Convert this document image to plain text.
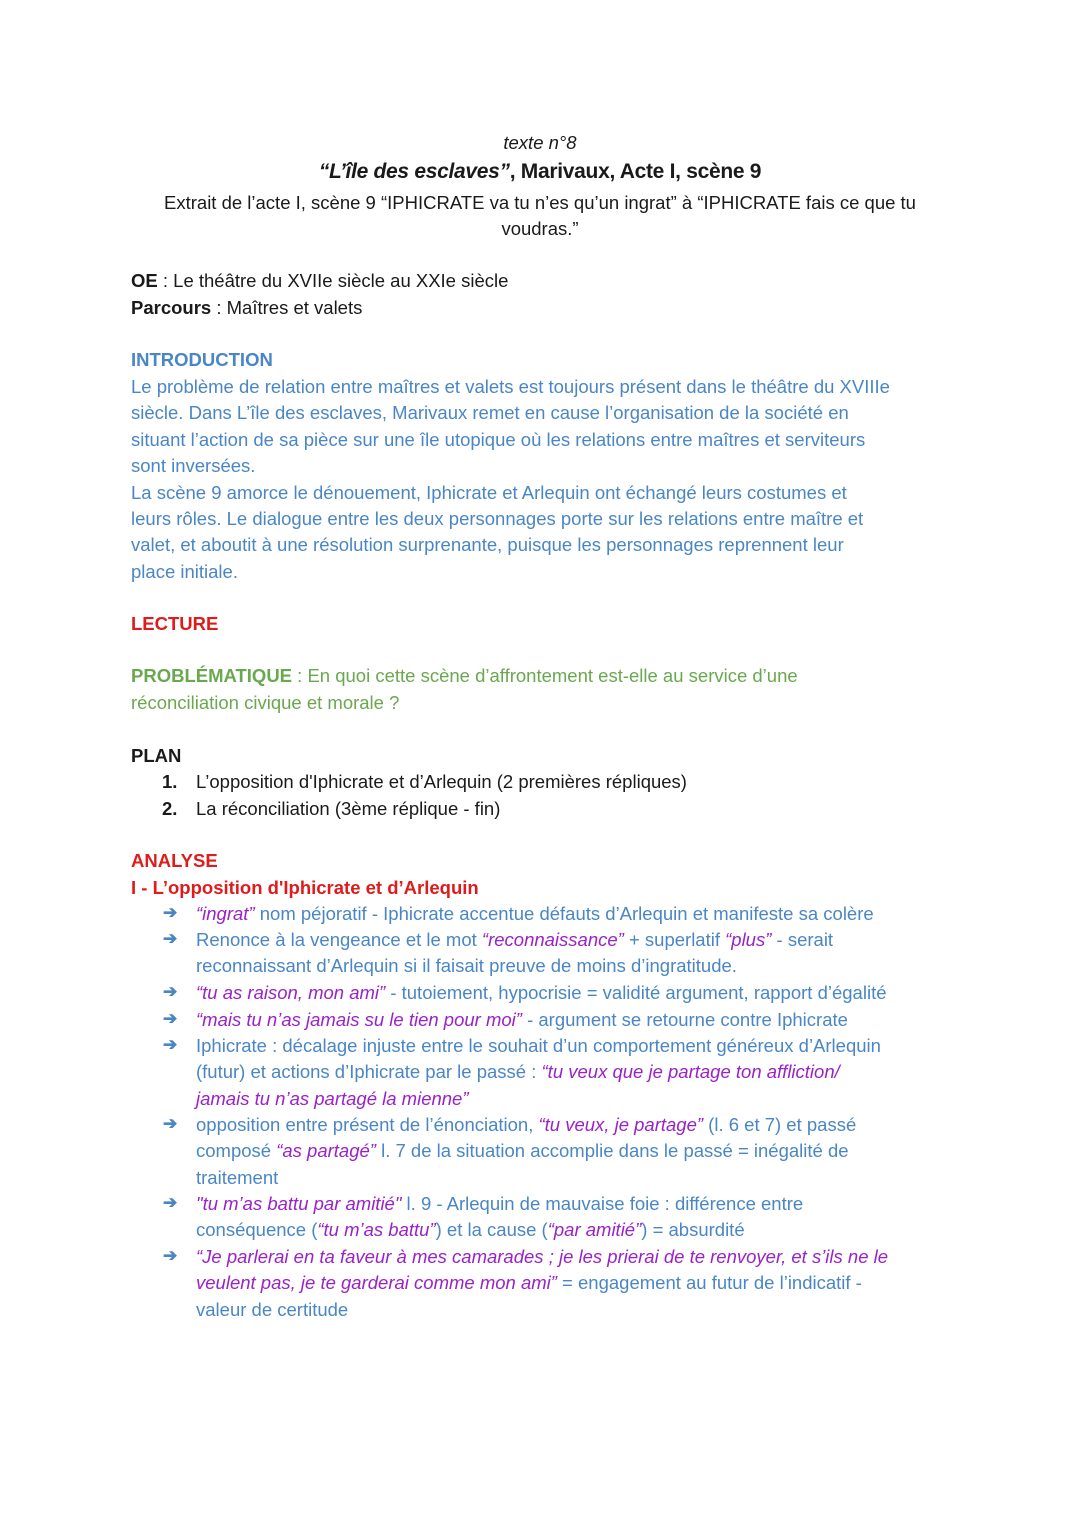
texte n°8
“L’île des esclaves”, Marivaux, Acte I, scène 9
Extrait de l’acte I, scène 9 “IPHICRATE va tu n’es qu’un ingrat” à “IPHICRATE fais ce que tu
voudras.”
OE : Le théâtre du XVIIe siècle au XXIe siècle
Parcours : Maîtres et valets
INTRODUCTION
Le problème de relation entre maîtres et valets est toujours présent dans le théâtre du XVIIIe
siècle. Dans L’île des esclaves, Marivaux remet en cause l’organisation de la société en
situant l’action de sa pièce sur une île utopique où les relations entre maîtres et serviteurs
sont inversées.
La scène 9 amorce le dénouement, Iphicrate et Arlequin ont échangé leurs costumes et
leurs rôles. Le dialogue entre les deux personnages porte sur les relations entre maître et
valet, et aboutit à une résolution surprenante, puisque les personnages reprennent leur
place initiale.
LECTURE
PROBLÉMATIQUE : En quoi cette scène d’affrontement est-elle au service d’une
réconciliation civique et morale ?
PLAN
1. L’opposition d'Iphicrate et d’Arlequin (2 premières répliques)
2. La réconciliation (3ème réplique - fin)
ANALYSE
I - L’opposition d'Iphicrate et d’Arlequin
➔ “ingrat” nom péjoratif - Iphicrate accentue défauts d’Arlequin et manifeste sa colère
➔ Renonce à la vengeance et le mot “reconnaissance” + superlatif “plus” - serait
reconnaissant d’Arlequin si il faisait preuve de moins d’ingratitude.
➔ “tu as raison, mon ami” - tutoiement, hypocrisie = validité argument, rapport d’égalité
➔ “mais tu n’as jamais su le tien pour moi” - argument se retourne contre Iphicrate
➔ Iphicrate : décalage injuste entre le souhait d’un comportement généreux d’Arlequin
(futur) et actions d’Iphicrate par le passé : “tu veux que je partage ton affliction/
jamais tu n’as partagé la mienne”
➔ opposition entre présent de l’énonciation, “tu veux, je partage” (l. 6 et 7) et passé
composé “as partagé” l. 7 de la situation accomplie dans le passé = inégalité de
traitement
➔ "tu m’as battu par amitié" l. 9 - Arlequin de mauvaise foie : différence entre
conséquence (“tu m’as battu”) et la cause (“par amitié”) = absurdité
➔ “Je parlerai en ta faveur à mes camarades ; je les prierai de te renvoyer, et s’ils ne le
veulent pas, je te garderai comme mon ami” = engagement au futur de l’indicatif -
valeur de certitude
